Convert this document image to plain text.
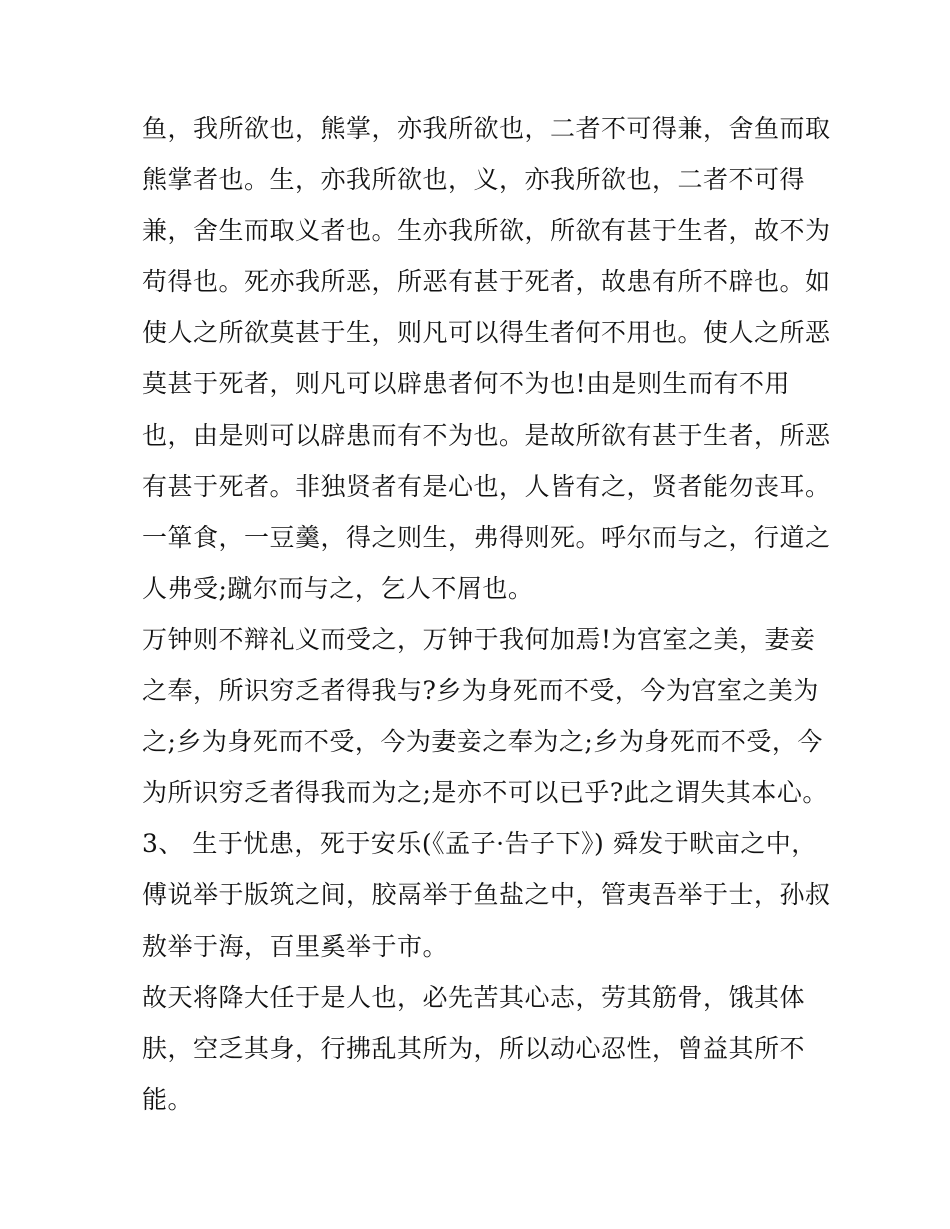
鱼，我所欲也，熊掌，亦我所欲也，二者不可得兼，舍鱼而取
熊掌者也。生，亦我所欲也，义，亦我所欲也，二者不可得
兼，舍生而取义者也。生亦我所欲，所欲有甚于生者，故不为
苟得也。死亦我所恶，所恶有甚于死者，故患有所不辟也。如
使人之所欲莫甚于生，则凡可以得生者何不用也。使人之所恶
莫甚于死者，则凡可以辟患者何不为也!由是则生而有不用
也，由是则可以辟患而有不为也。是故所欲有甚于生者，所恶
有甚于死者。非独贤者有是心也，人皆有之，贤者能勿丧耳。
一箪食，一豆羹，得之则生，弗得则死。呼尔而与之，行道之
人弗受;蹴尔而与之，乞人不屑也。
万钟则不辩礼义而受之，万钟于我何加焉!为宫室之美，妻妾
之奉，所识穷乏者得我与?乡为身死而不受，今为宫室之美为
之;乡为身死而不受，今为妻妾之奉为之;乡为身死而不受，今
为所识穷乏者得我而为之;是亦不可以已乎?此之谓失其本心。
3、 生于忧患，死于安乐(《孟子·告子下》) 舜发于畎亩之中，
傅说举于版筑之间，胶鬲举于鱼盐之中，管夷吾举于士，孙叔
敖举于海，百里奚举于市。
故天将降大任于是人也，必先苦其心志，劳其筋骨，饿其体
肤，空乏其身，行拂乱其所为，所以动心忍性，曾益其所不
能。
